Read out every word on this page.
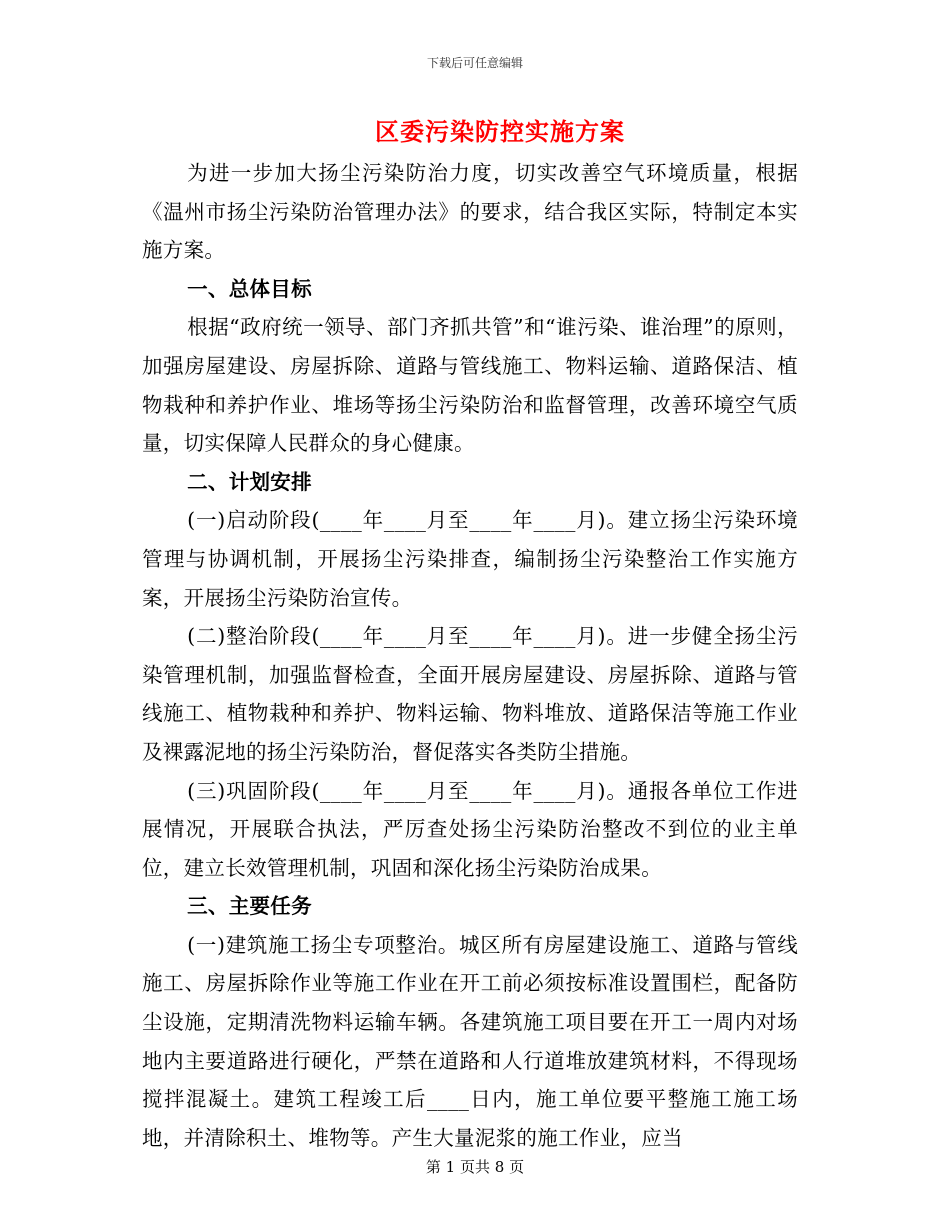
下载后可任意编辑
区委污染防控实施方案

为进一步加大扬尘污染防治力度，切实改善空气环境质量，根据《温州市扬尘污染防治管理办法》的要求，结合我区实际，特制定本实施方案。

一、总体目标

根据“政府统一领导、部门齐抓共管”和“谁污染、谁治理”的原则，加强房屋建设、房屋拆除、道路与管线施工、物料运输、道路保洁、植物栽种和养护作业、堆场等扬尘污染防治和监督管理，改善环境空气质量，切实保障人民群众的身心健康。

二、计划安排

(一)启动阶段(____年____月至____年____月)。建立扬尘污染环境管理与协调机制，开展扬尘污染排查，编制扬尘污染整治工作实施方案，开展扬尘污染防治宣传。

(二)整治阶段(____年____月至____年____月)。进一步健全扬尘污染管理机制，加强监督检查，全面开展房屋建设、房屋拆除、道路与管线施工、植物栽种和养护、物料运输、物料堆放、道路保洁等施工作业及裸露泥地的扬尘污染防治，督促落实各类防尘措施。

(三)巩固阶段(____年____月至____年____月)。通报各单位工作进展情况，开展联合执法，严厉查处扬尘污染防治整改不到位的业主单位，建立长效管理机制，巩固和深化扬尘污染防治成果。

三、主要任务

(一)建筑施工扬尘专项整治。城区所有房屋建设施工、道路与管线施工、房屋拆除作业等施工作业在开工前必须按标准设置围栏，配备防尘设施，定期清洗物料运输车辆。各建筑施工项目要在开工一周内对场地内主要道路进行硬化，严禁在道路和人行道堆放建筑材料，不得现场搅拌混凝土。建筑工程竣工后____日内，施工单位要平整施工施工场地，并清除积土、堆物等。产生大量泥浆的施工作业，应当

第 1 页共 8 页
